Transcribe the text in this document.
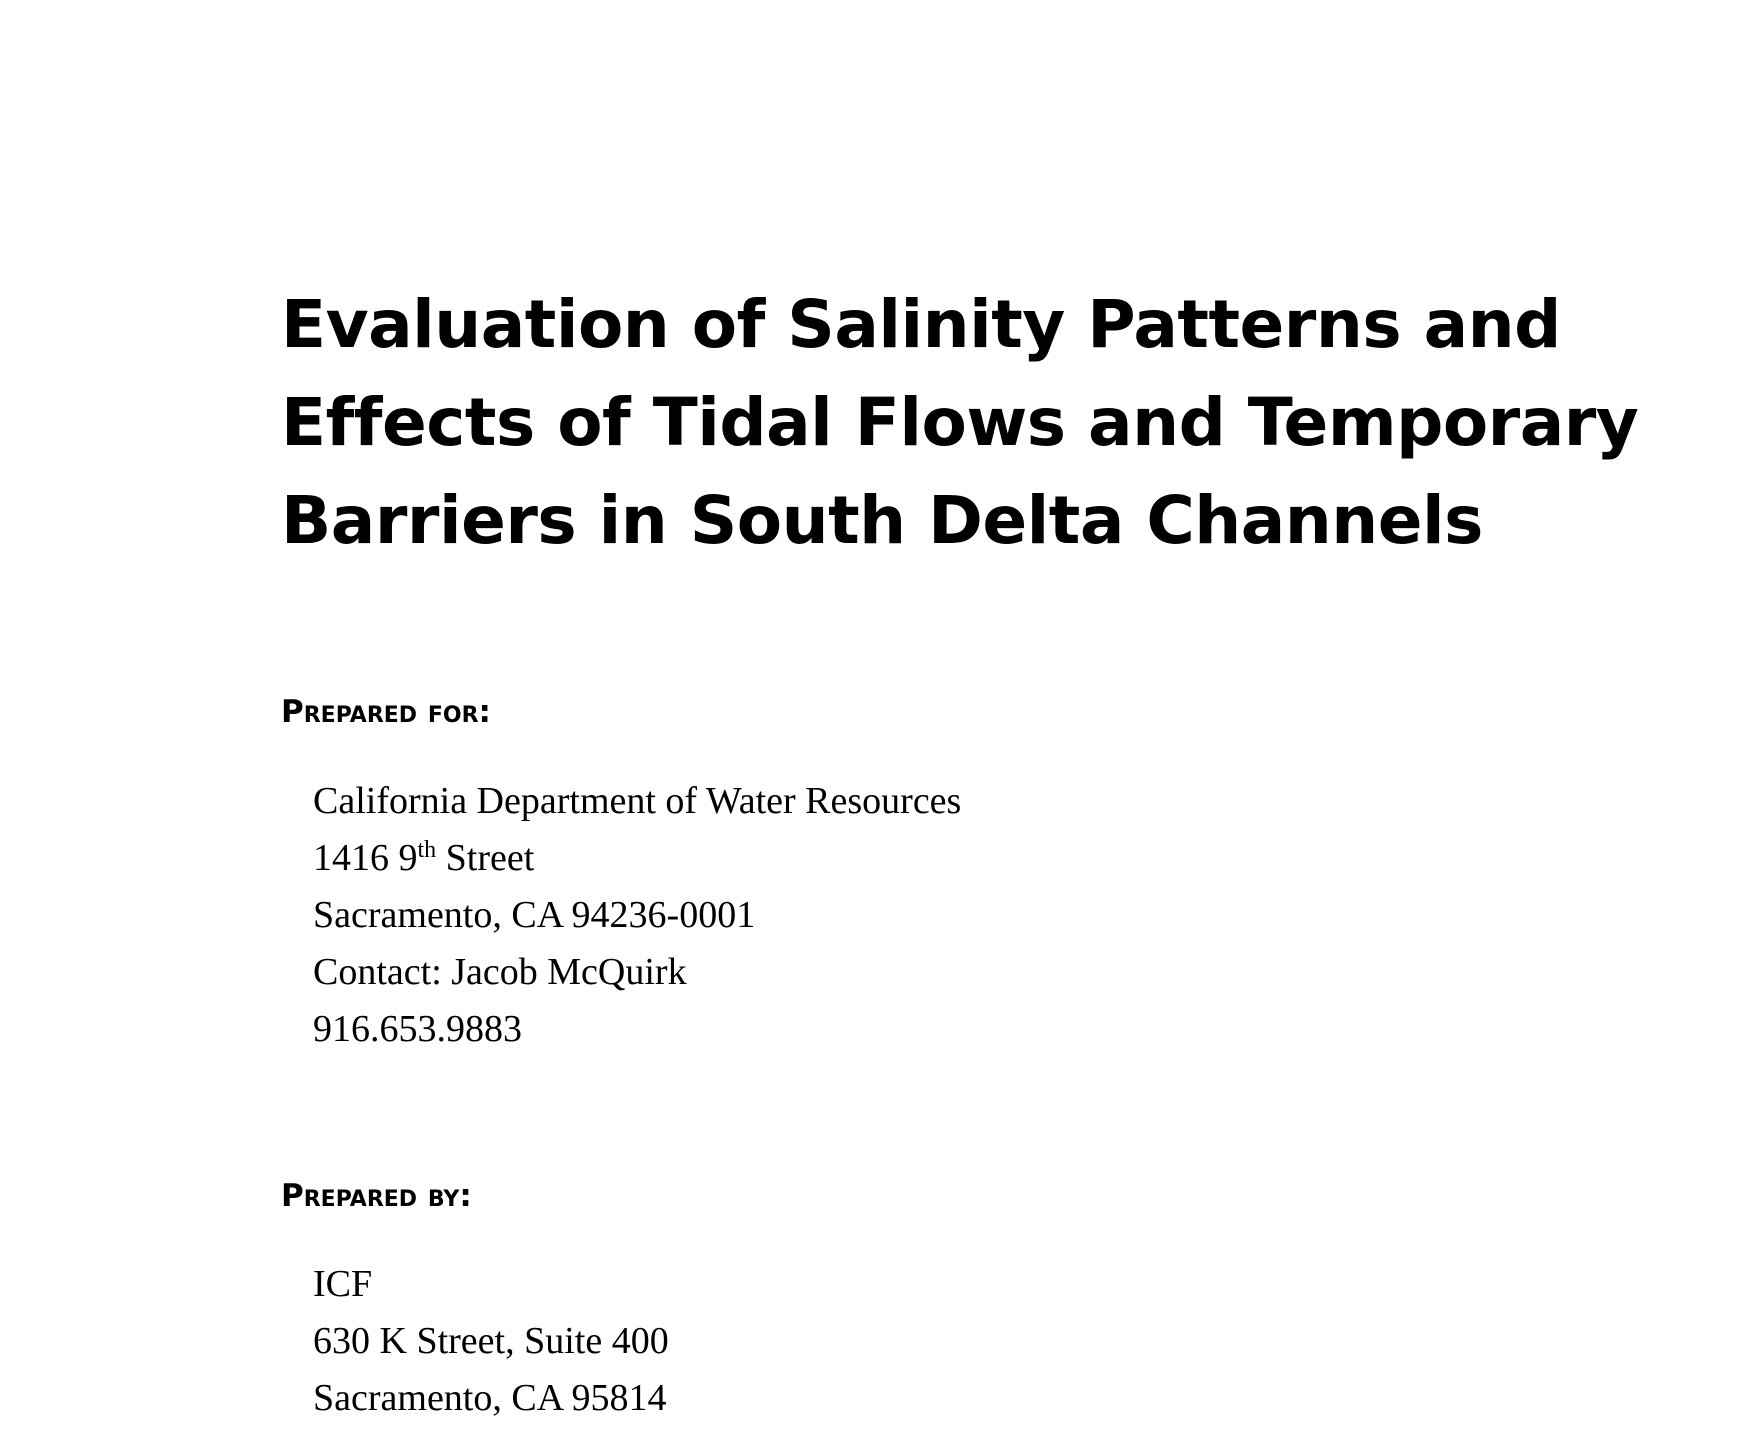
Evaluation of Salinity Patterns and
Effects of Tidal Flows and Temporary
Barriers in South Delta Channels
Prepared for:
California Department of Water Resources
1416 9th Street
Sacramento, CA 94236-0001
Contact: Jacob McQuirk
916.653.9883
Prepared by:
ICF
630 K Street, Suite 400
Sacramento, CA 95814
